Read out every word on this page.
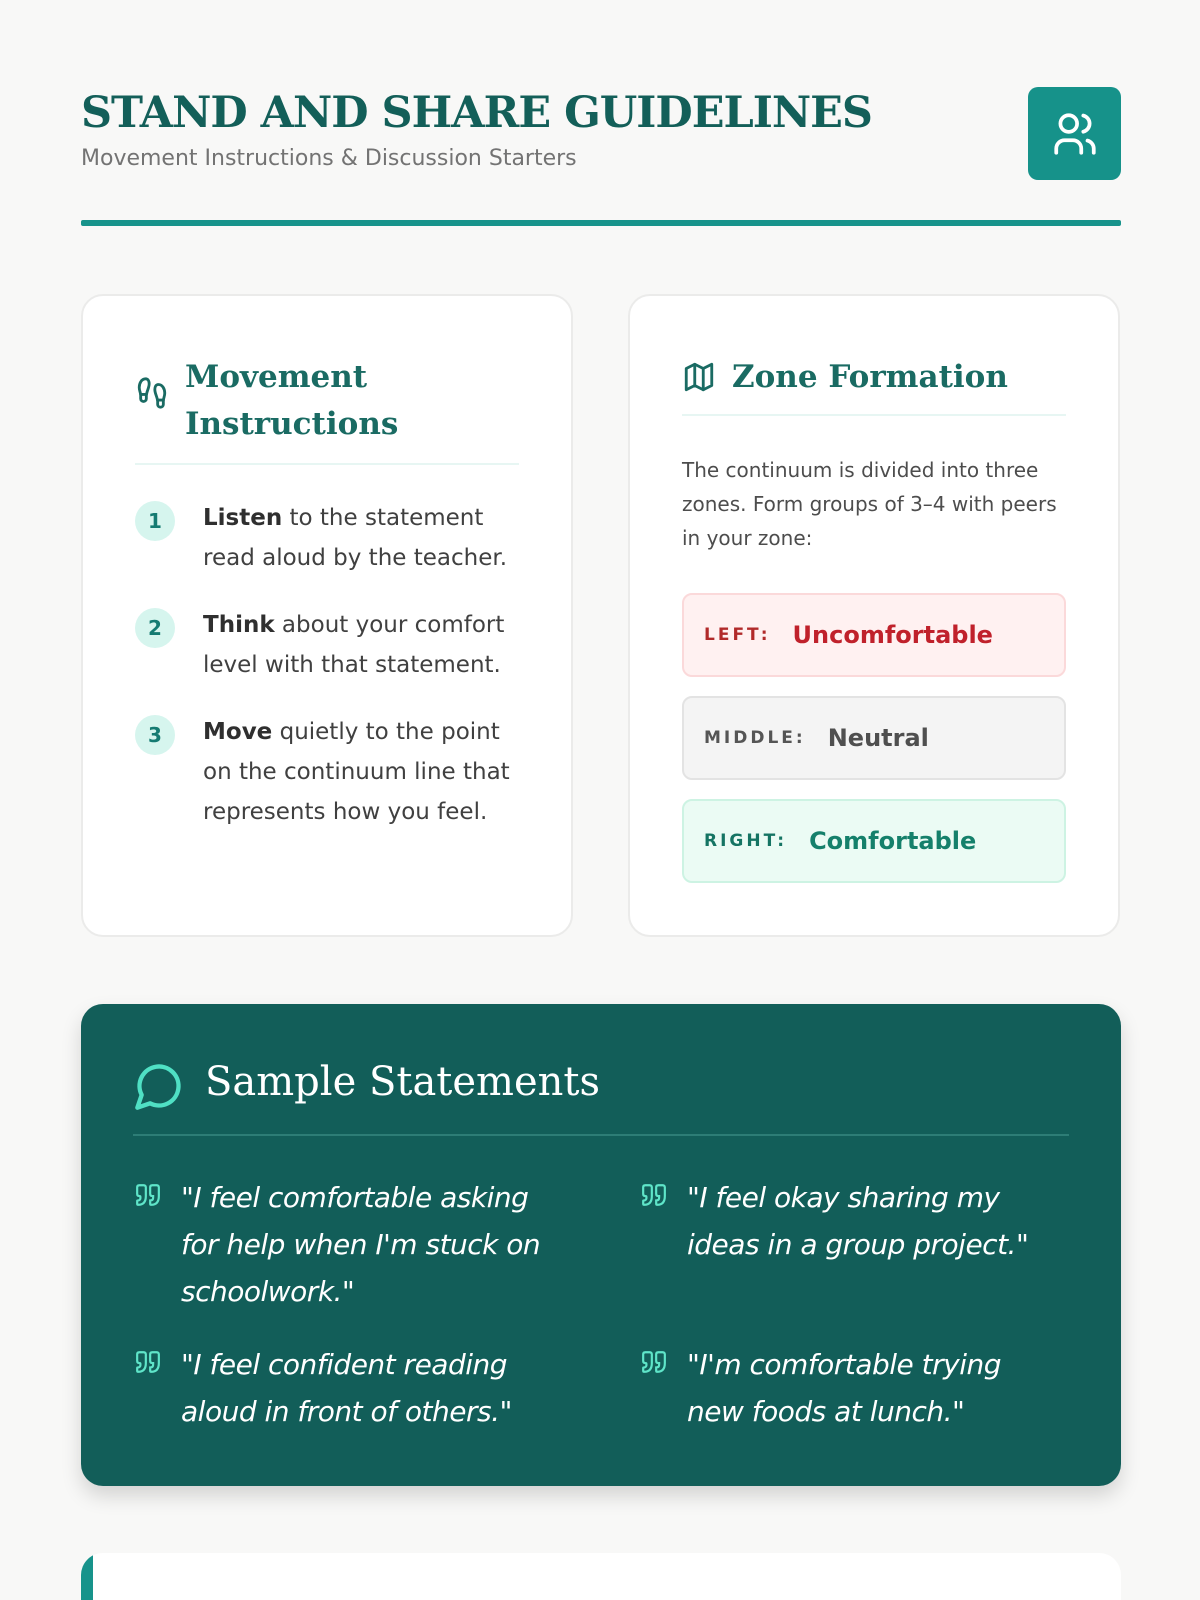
STAND AND SHARE GUIDELINES
Movement Instructions & Discussion Starters
Movement Instructions
1	Listen to the statement read aloud by the teacher.
2	Think about your comfort level with that statement.
3	Move quietly to the point on the continuum line that represents how you feel.
Zone Formation

The continuum is divided into three zones. Form groups of 3–4 with peers in your zone:

LEFT: Uncomfortable
MIDDLE: Neutral
RIGHT: Comfortable
Sample Statements
"I feel comfortable asking for help when I'm stuck on schoolwork."
"I feel okay sharing my ideas in a group project."
"I feel confident reading aloud in front of others."
"I'm comfortable trying new foods at lunch."
